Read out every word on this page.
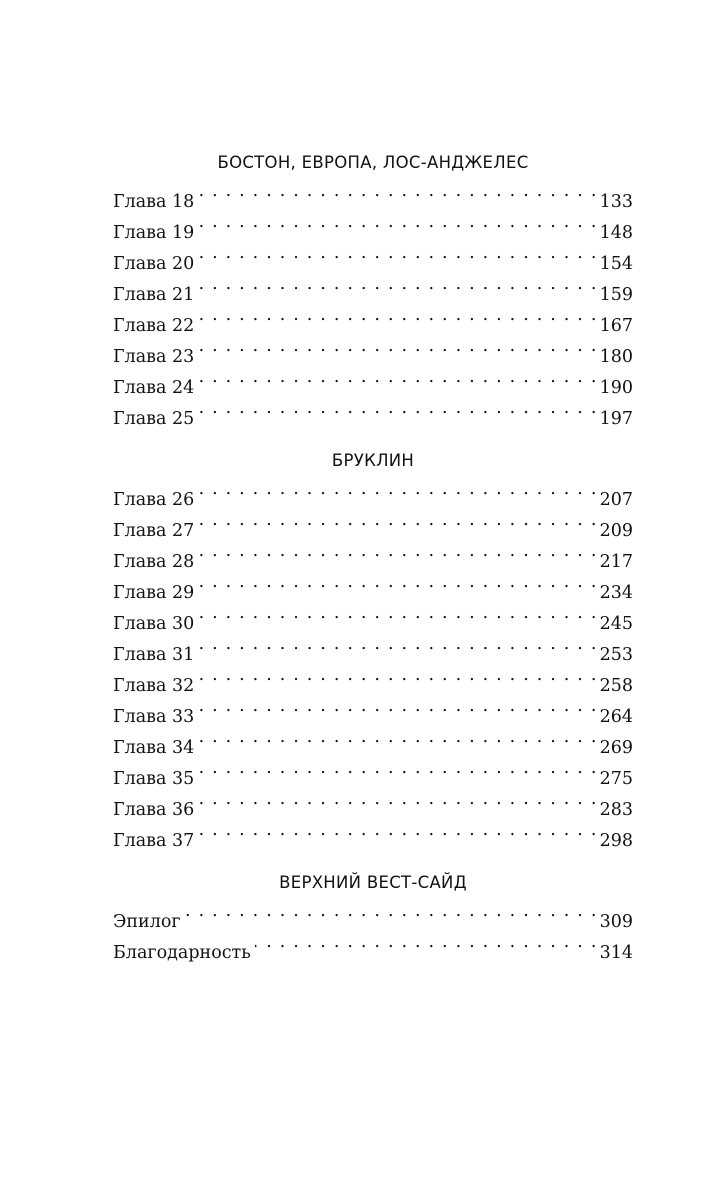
БОСТОН, ЕВРОПА, ЛОС-АНДЖЕЛЕС
Глава 18 . . .	133
Глава 19 . . .	148
Глава 20 . . .	154
Глава 21 . . .	159
Глава 22 . . .	167
Глава 23 . . .	180
Глава 24 . . .	190
Глава 25 . . .	197
БРУКЛИН
Глава 26 . . .	207
Глава 27 . . .	209
Глава 28 . . .	217
Глава 29 . . .	234
Глава 30 . . .	245
Глава 31 . . .	253
Глава 32 . . .	258
Глава 33 . . .	264
Глава 34 . . .	269
Глава 35 . . .	275
Глава 36 . . .	283
Глава 37 . . .	298
ВЕРХНИЙ ВЕСТ-САЙД
Эпилог . . .	309
Благодарность . . .	314
